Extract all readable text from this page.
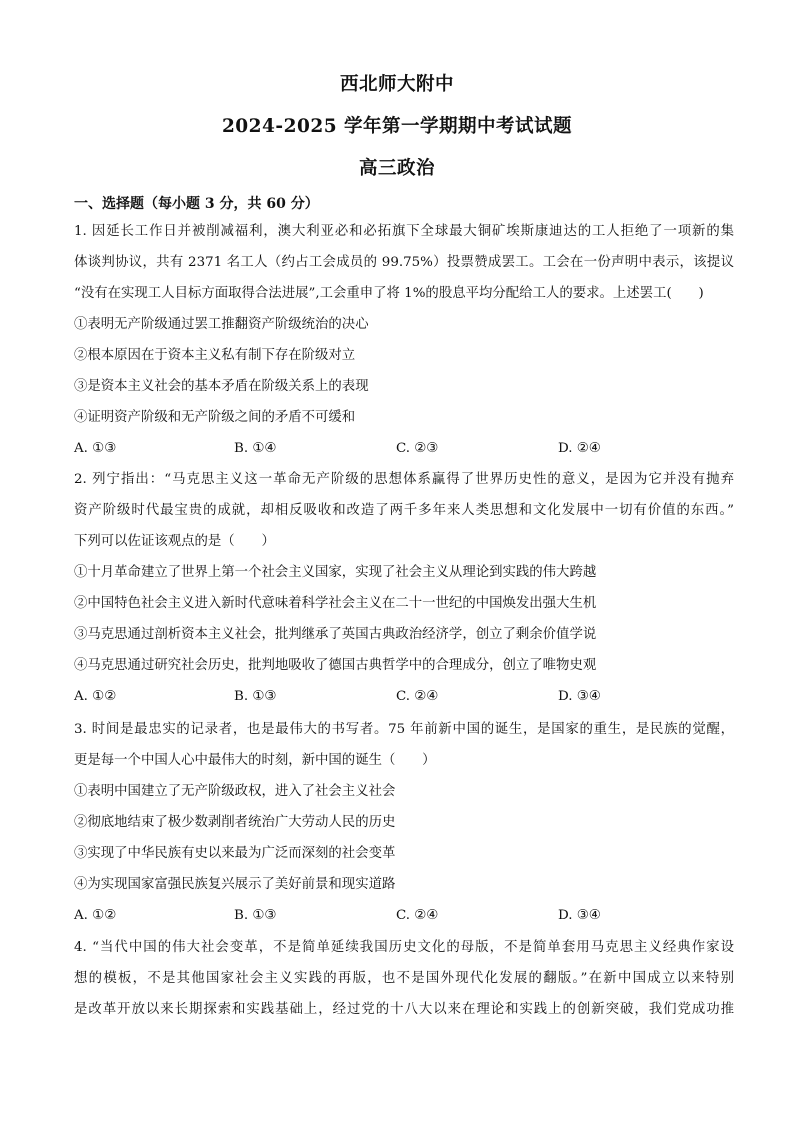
西北师大附中
2024-2025 学年第一学期期中考试试题
高三政治
一、选择题（每小题 3 分，共 60 分）
1. 因延长工作日并被削减福利，澳大利亚必和必拓旗下全球最大铜矿埃斯康迪达的工人拒绝了一项新的集
体谈判协议，共有 2371 名工人（约占工会成员的 99.75%）投票赞成罢工。工会在一份声明中表示，该提议
“没有在实现工人目标方面取得合法进展”,工会重申了将 1%的股息平均分配给工人的要求。上述罢工(　　)
①表明无产阶级通过罢工推翻资产阶级统治的决心
②根本原因在于资本主义私有制下存在阶级对立
③是资本主义社会的基本矛盾在阶级关系上的表现
④证明资产阶级和无产阶级之间的矛盾不可缓和
A. ①③	B. ①④	C. ②③	D. ②④
2. 列宁指出：“马克思主义这一革命无产阶级的思想体系赢得了世界历史性的意义，是因为它并没有抛弃
资产阶级时代最宝贵的成就，却相反吸收和改造了两千多年来人类思想和文化发展中一切有价值的东西。”
下列可以佐证该观点的是（　　）
①十月革命建立了世界上第一个社会主义国家，实现了社会主义从理论到实践的伟大跨越
②中国特色社会主义进入新时代意味着科学社会主义在二十一世纪的中国焕发出强大生机
③马克思通过剖析资本主义社会，批判继承了英国古典政治经济学，创立了剩余价值学说
④马克思通过研究社会历史，批判地吸收了德国古典哲学中的合理成分，创立了唯物史观
A. ①②	B. ①③	C. ②④	D. ③④
3. 时间是最忠实的记录者，也是最伟大的书写者。75 年前新中国的诞生，是国家的重生，是民族的觉醒，
更是每一个中国人心中最伟大的时刻，新中国的诞生（　　）
①表明中国建立了无产阶级政权，进入了社会主义社会
②彻底地结束了极少数剥削者统治广大劳动人民的历史
③实现了中华民族有史以来最为广泛而深刻的社会变革
④为实现国家富强民族复兴展示了美好前景和现实道路
A. ①②	B. ①③	C. ②④	D. ③④
4. “当代中国的伟大社会变革，不是简单延续我国历史文化的母版，不是简单套用马克思主义经典作家设
想的模板，不是其他国家社会主义实践的再版，也不是国外现代化发展的翻版。”在新中国成立以来特别
是改革开放以来长期探索和实践基础上，经过党的十八大以来在理论和实践上的创新突破，我们党成功推
